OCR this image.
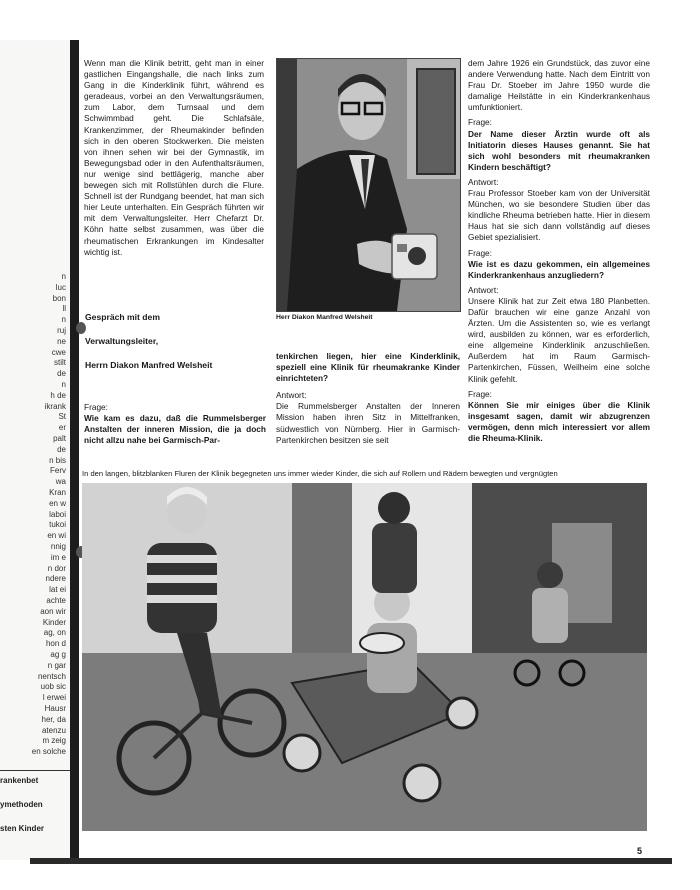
n
luc
bon
ll
n
ruj
ne
cwe
stilt
de
n
h de
ikrank
St
er
palt
de
n bis
Ferv
wa
Kran
en w
laboi
tukoi
en wi
nnig
im e
n dor
ndere
lat ei
achte
aon wir
Kinder
ag, on
hon d
ag g
n gar
nentsch
uob sic
l erwei
Hausr
her, da
atenzu
m zeig
en solche
rankenbet
ymethoden
sten Kinder

Wenn man die Klinik betritt, geht man in einer gastlichen Eingangshalle, die nach links zum Gang in die Kinderklinik führt, während es geradeaus, vorbei an den Verwaltungsräumen, zum Labor, dem Turnsaal und dem Schwimmbad geht. Die Schlafsäle, Krankenzimmer, der Rheumakinder befinden sich in den oberen Stockwerken. Die meisten von ihnen sehen wir bei der Gymnastik, im Bewegungsbad oder in den Aufenthaltsräumen, nur wenige sind bettlägerig, manche aber bewegen sich mit Rollstühlen durch die Flure. Schnell ist der Rundgang beendet, hat man sich hier Leute unterhalten. Ein Gespräch führten wir mit dem Verwaltungsleiter. Herr Chefarzt Dr. Köhn hatte selbst zusammen, was über die rheumatischen Erkrankungen im Kindesalter wichtig ist.

Gespräch mit dem
Verwaltungsleiter,
Herrn Diakon Manfred Welsheit
Frage:
Wie kam es dazu, daß die Rummelsberger Anstalten der inneren Mission, die ja doch nicht allzu nahe bei Garmisch-Par-
Herr Diakon Manfred Welsheit
tenkirchen liegen, hier eine Kinderklinik, speziell eine Klinik für rheumakranke Kinder einrichteten?
Antwort:
Die Rummelsberger Anstalten der Inneren Mission haben ihren Sitz in Mittelfranken, südwestlich von Nürnberg. Hier in Garmisch-Partenkirchen besitzen sie seit

dem Jahre 1926 ein Grundstück, das zuvor eine andere Verwendung hatte. Nach dem Eintritt von Frau Dr. Stoeber im Jahre 1950 wurde die damalige Heilstätte in ein Kinderkrankenhaus umfunktioniert.

Frage:

Der Name dieser Ärztin wurde oft als Initiatorin dieses Hauses genannt. Sie hat sich wohl besonders mit rheumakranken Kindern beschäftigt?

Antwort:

Frau Professor Stoeber kam von der Universität München, wo sie besondere Studien über das kindliche Rheuma betrieben hatte. Hier in diesem Haus hat sie sich dann vollständig auf dieses Gebiet spezialisiert.

Frage:

Wie ist es dazu gekommen, ein allgemeines Kinderkrankenhaus anzugliedern?

Antwort:

Unsere Klinik hat zur Zeit etwa 180 Planbetten. Dafür brauchen wir eine ganze Anzahl von Ärzten. Um die Assistenten so, wie es verlangt wird, ausbilden zu können, war es erforderlich, eine allgemeine Kinderklinik anzuschließen. Außerdem hat im Raum Garmisch-Partenkirchen, Füssen, Weilheim eine solche Klinik gefehlt.

Frage:

Können Sie mir einiges über die Klinik insgesamt sagen, damit wir abzugrenzen vermögen, denn mich interessiert vor allem die Rheuma-Klinik.

In den langen, blitzblanken Fluren der Klinik begegneten uns immer wieder Kinder, die sich auf Rollern und Rädern bewegten und vergnügten
5
